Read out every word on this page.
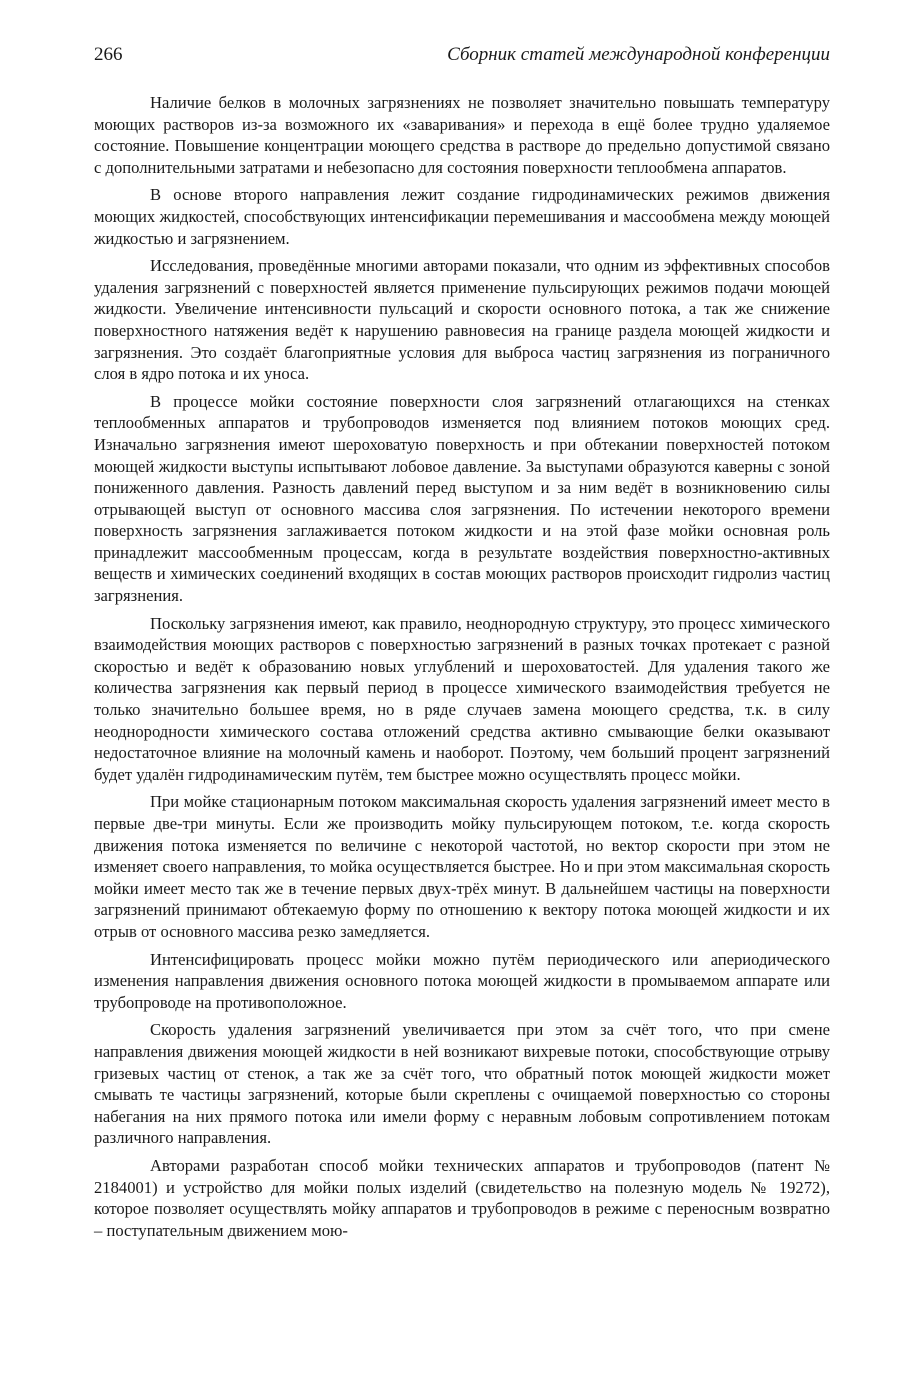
266	Сборник статей международной конференции

Наличие белков в молочных загрязнениях не позволяет значительно повышать температуру моющих растворов из-за возможного их «заваривания» и перехода в ещё более трудно удаляемое состояние. Повышение концентрации моющего средства в растворе до предельно допустимой связано с дополнительными затратами и небезопасно для состояния поверхности теплообмена аппаратов.

В основе второго направления лежит создание гидродинамических режимов движения моющих жидкостей, способствующих интенсификации перемешивания и массообмена между моющей жидкостью и загрязнением.

Исследования, проведённые многими авторами показали, что одним из эффективных способов удаления загрязнений с поверхностей является применение пульсирующих режимов подачи моющей жидкости. Увеличение интенсивности пульсаций и скорости основного потока, а так же снижение поверхностного натяжения ведёт к нарушению равновесия на границе раздела моющей жидкости и загрязнения. Это создаёт благоприятные условия для выброса частиц загрязнения из пограничного слоя в ядро потока и их уноса.

В процессе мойки состояние поверхности слоя загрязнений отлагающихся на стенках теплообменных аппаратов и трубопроводов изменяется под влиянием потоков моющих сред. Изначально загрязнения имеют шероховатую поверхность и при обтекании поверхностей потоком моющей жидкости выступы испытывают лобовое давление. За выступами образуются каверны с зоной пониженного давления. Разность давлений перед выступом и за ним ведёт в возникновению силы отрывающей выступ от основного массива слоя загрязнения. По истечении некоторого времени поверхность загрязнения заглаживается потоком жидкости и на этой фазе мойки основная роль принадлежит массообменным процессам, когда в результате воздействия поверхностно-активных веществ и химических соединений входящих в состав моющих растворов происходит гидролиз частиц загрязнения.

Поскольку загрязнения имеют, как правило, неоднородную структуру, это процесс химического взаимодействия моющих растворов с поверхностью загрязнений в разных точках протекает с разной скоростью и ведёт к образованию новых углублений и шероховатостей. Для удаления такого же количества загрязнения как первый период в процессе химического взаимодействия требуется не только значительно большее время, но в ряде случаев замена моющего средства, т.к. в силу неоднородности химического состава отложений средства активно смывающие белки оказывают недостаточное влияние на молочный камень и наоборот. Поэтому, чем больший процент загрязнений будет удалён гидродинамическим путём, тем быстрее можно осуществлять процесс мойки.

При мойке стационарным потоком максимальная скорость удаления загрязнений имеет место в первые две-три минуты. Если же производить мойку пульсирующем потоком, т.е. когда скорость движения потока изменяется по величине с некоторой частотой, но вектор скорости при этом не изменяет своего направления, то мойка осуществляется быстрее. Но и при этом максимальная скорость мойки имеет место так же в течение первых двух-трёх минут. В дальнейшем частицы на поверхности загрязнений принимают обтекаемую форму по отношению к вектору потока моющей жидкости и их отрыв от основного массива резко замедляется.

Интенсифицировать процесс мойки можно путём периодического или апериодического изменения направления движения основного потока моющей жидкости в промываемом аппарате или трубопроводе на противоположное.

Скорость удаления загрязнений увеличивается при этом за счёт того, что при смене направления движения моющей жидкости в ней возникают вихревые потоки, способствующие отрыву гризевых частиц от стенок, а так же за счёт того, что обратный поток моющей жидкости может смывать те частицы загрязнений, которые были скреплены с очищаемой поверхностью со стороны набегания на них прямого потока или имели форму с неравным лобовым сопротивлением потокам различного направления.

Авторами разработан способ мойки технических аппаратов и трубопроводов (патент № 2184001) и устройство для мойки полых изделий (свидетельство на полезную модель № 19272), которое позволяет осуществлять мойку аппаратов и трубопроводов в режиме с переносным возвратно – поступательным движением мою-
